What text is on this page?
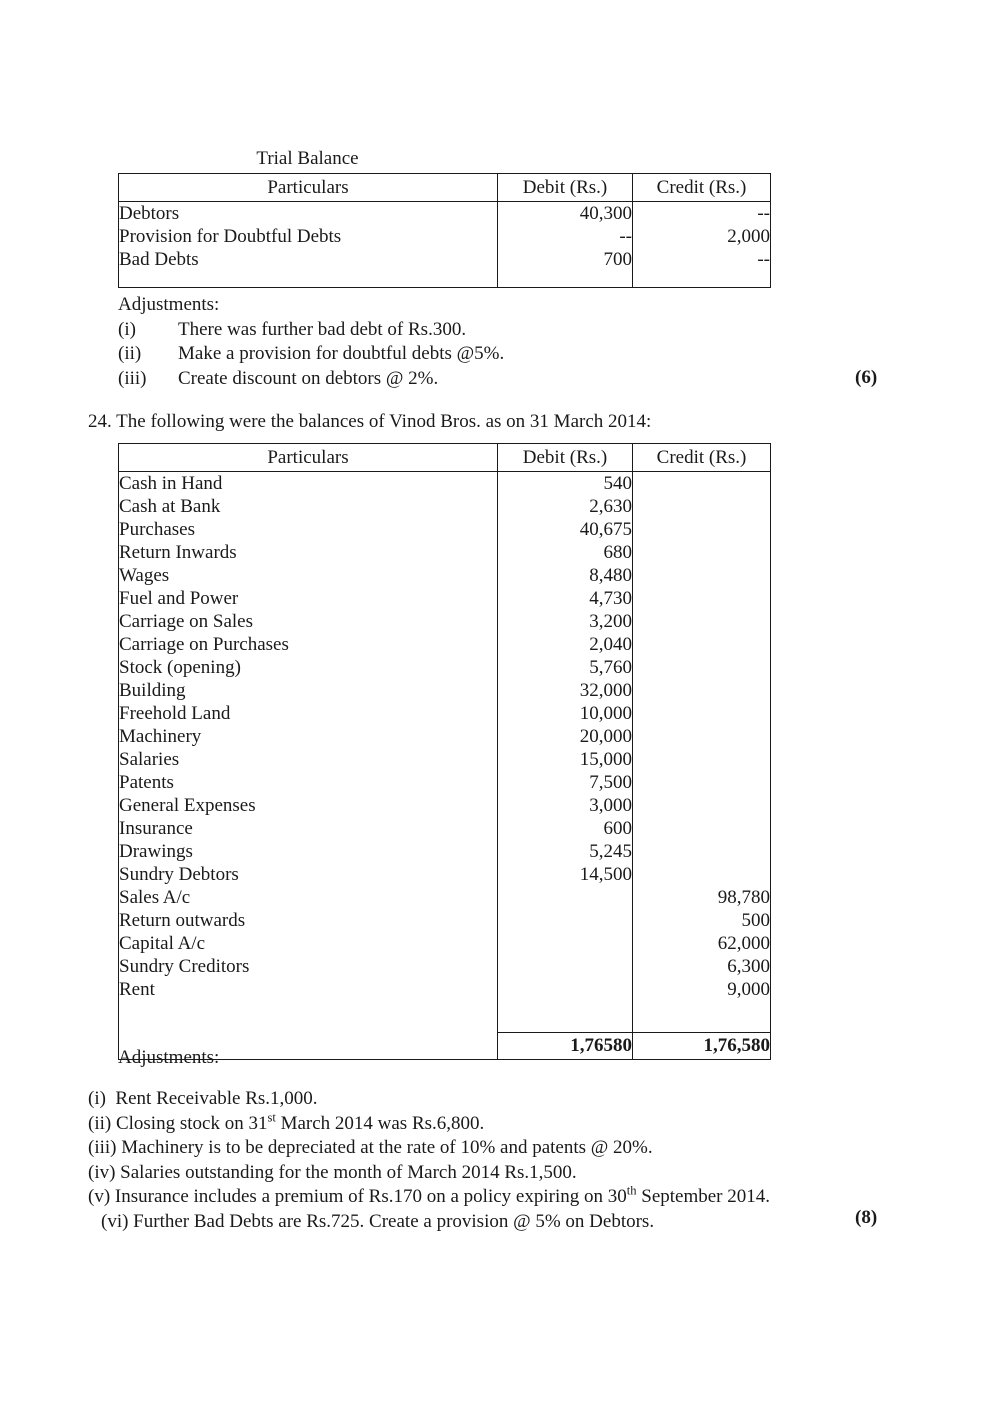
Trial Balance
Particulars	Debit (Rs.)	Credit (Rs.)
Debtors	40,300	--
Provision for Doubtful Debts	--	2,000
Bad Debts	700	--

Adjustments:
(i)	There was further bad debt of Rs.300.
(ii)	Make a provision for doubtful debts @5%.
(iii)	Create discount on debtors @ 2%.	(6)
24. The following were the balances of Vinod Bros. as on 31 March 2014:
Particulars	Debit (Rs.)	Credit (Rs.)
Cash in Hand	540	
Cash at Bank	2,630	
Purchases	40,675	
Return Inwards	680	
Wages	8,480	
Fuel and Power	4,730	
Carriage on Sales	3,200	
Carriage on Purchases	2,040	
Stock (opening)	5,760	
Building	32,000	
Freehold Land	10,000	
Machinery	20,000	
Salaries	15,000	
Patents	7,500	
General Expenses	3,000	
Insurance	600	
Drawings	5,245	
Sundry Debtors	14,500	
Sales A/c		98,780
Return outwards		500
Capital A/c		62,000
Sundry Creditors		6,300
Rent		9,000

	1,76580	1,76,580
Adjustments:
(i)  Rent Receivable Rs.1,000.
(ii) Closing stock on 31st March 2014 was Rs.6,800.
(iii) Machinery is to be depreciated at the rate of 10% and patents @ 20%.
(iv) Salaries outstanding for the month of March 2014 Rs.1,500.
(v) Insurance includes a premium of Rs.170 on a policy expiring on 30th September 2014.
(vi) Further Bad Debts are Rs.725. Create a provision @ 5% on Debtors.	(8)
